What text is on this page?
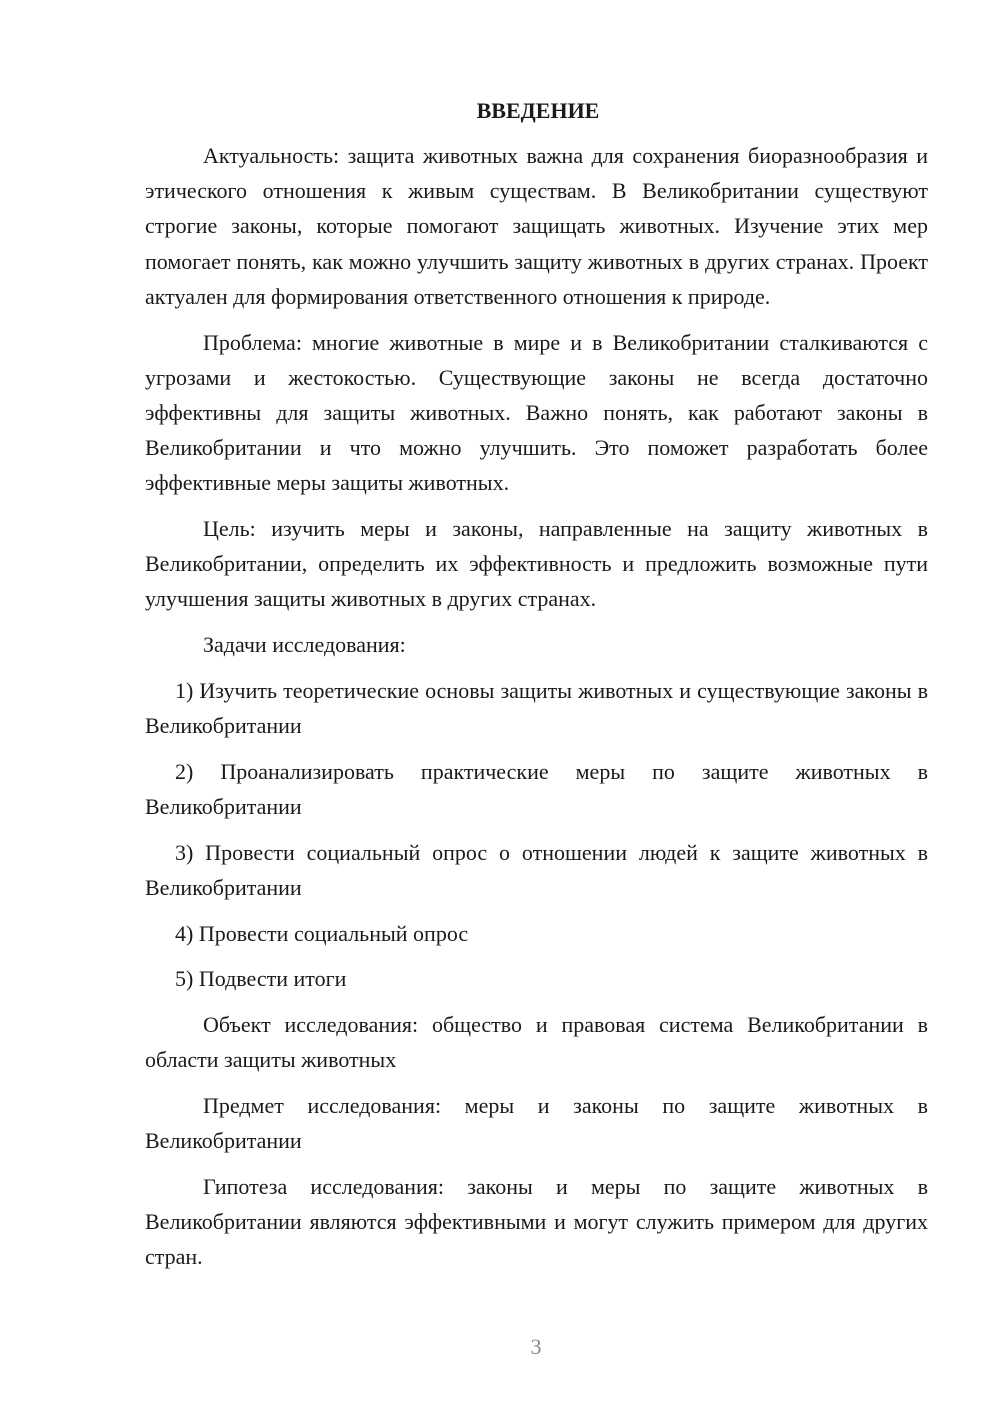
ВВЕДЕНИЕ

Актуальность: защита животных важна для сохранения биоразнообразия и этического отношения к живым существам. В Великобритании существуют строгие законы, которые помогают защищать животных. Изучение этих мер помогает понять, как можно улучшить защиту животных в других странах. Проект актуален для формирования ответственного отношения к природе.

Проблема: многие животные в мире и в Великобритании сталкиваются с угрозами и жестокостью. Существующие законы не всегда достаточно эффективны для защиты животных. Важно понять, как работают законы в Великобритании и что можно улучшить. Это поможет разработать более эффективные меры защиты животных.

Цель: изучить меры и законы, направленные на защиту животных в Великобритании, определить их эффективность и предложить возможные пути улучшения защиты животных в других странах.

Задачи исследования:

1) Изучить теоретические основы защиты животных и существующие законы в Великобритании

2) Проанализировать практические меры по защите животных в Великобритании

3) Провести социальный опрос о отношении людей к защите животных в Великобритании

4) Провести социальный опрос

5) Подвести итоги

Объект исследования: общество и правовая система Великобритании в области защиты животных

Предмет исследования: меры и законы по защите животных в Великобритании

Гипотеза исследования: законы и меры по защите животных в Великобритании являются эффективными и могут служить примером для других стран.

3
